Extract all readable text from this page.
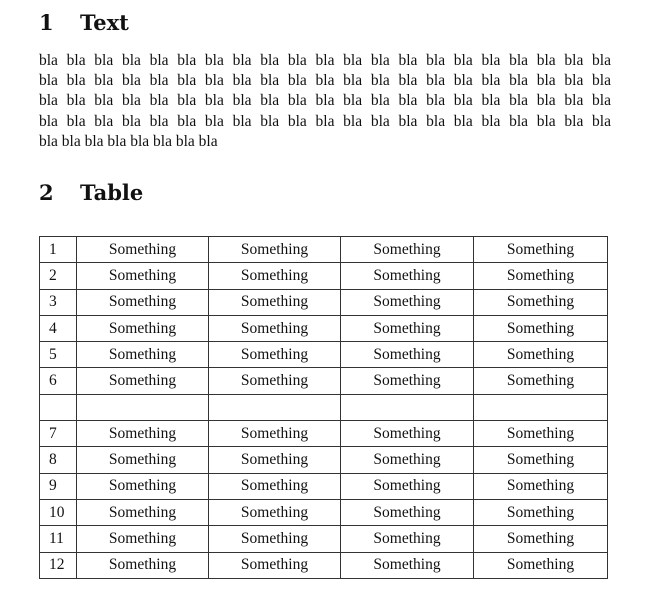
1 Text
bla bla bla bla bla bla bla bla bla bla bla bla bla bla bla bla bla bla bla bla bla
bla bla bla bla bla bla bla bla bla bla bla bla bla bla bla bla bla bla bla bla bla
bla bla bla bla bla bla bla bla bla bla bla bla bla bla bla bla bla bla bla bla bla
bla bla bla bla bla bla bla bla bla bla bla bla bla bla bla bla bla bla bla bla bla
bla bla bla bla bla bla bla bla
2 Table
1	Something	Something	Something	Something
2	Something	Something	Something	Something
3	Something	Something	Something	Something
4	Something	Something	Something	Something
5	Something	Something	Something	Something
6	Something	Something	Something	Something

7	Something	Something	Something	Something
8	Something	Something	Something	Something
9	Something	Something	Something	Something
10	Something	Something	Something	Something
11	Something	Something	Something	Something
12	Something	Something	Something	Something
